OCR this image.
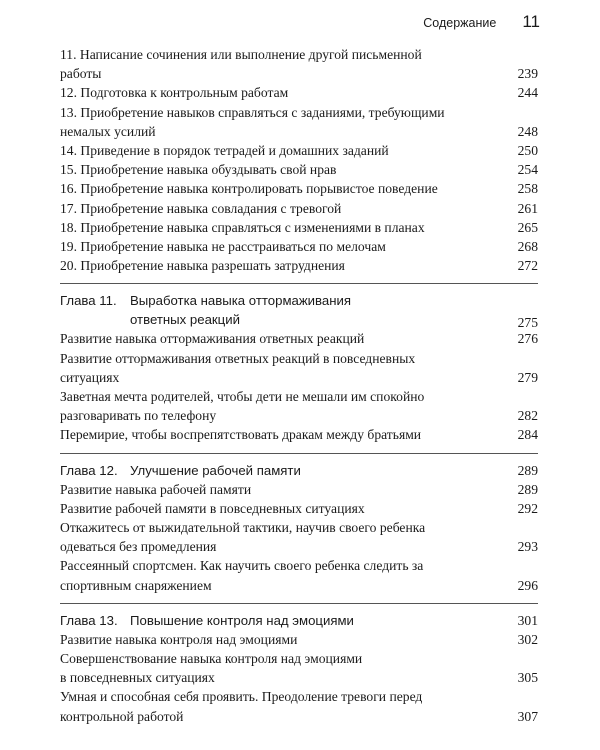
Содержание 11
11. Написание сочинения или выполнение другой письменной
работы	239
12. Подготовка к контрольным работам	244
13. Приобретение навыков справляться с заданиями, требующими
немалых усилий	248
14. Приведение в порядок тетрадей и домашних заданий	250
15. Приобретение навыка обуздывать свой нрав	254
16. Приобретение навыка контролировать порывистое поведение	258
17. Приобретение навыка совладания с тревогой	261
18. Приобретение навыка справляться с изменениями в планах	265
19. Приобретение навыка не расстраиваться по мелочам	268
20. Приобретение навыка разрешать затруднения	272
Глава 11. Выработка навыка оттормаживания
ответных реакций	275
Развитие навыка оттормаживания ответных реакций	276
Развитие оттормаживания ответных реакций в повседневных
ситуациях	279
Заветная мечта родителей, чтобы дети не мешали им спокойно
разговаривать по телефону	282
Перемирие, чтобы воспрепятствовать дракам между братьями	284
Глава 12. Улучшение рабочей памяти	289
Развитие навыка рабочей памяти	289
Развитие рабочей памяти в повседневных ситуациях	292
Откажитесь от выжидательной тактики, научив своего ребенка
одеваться без промедления	293
Рассеянный спортсмен. Как научить своего ребенка следить за
спортивным снаряжением	296
Глава 13. Повышение контроля над эмоциями	301
Развитие навыка контроля над эмоциями	302
Совершенствование навыка контроля над эмоциями
в повседневных ситуациях	305
Умная и способная себя проявить. Преодоление тревоги перед
контрольной работой	307
